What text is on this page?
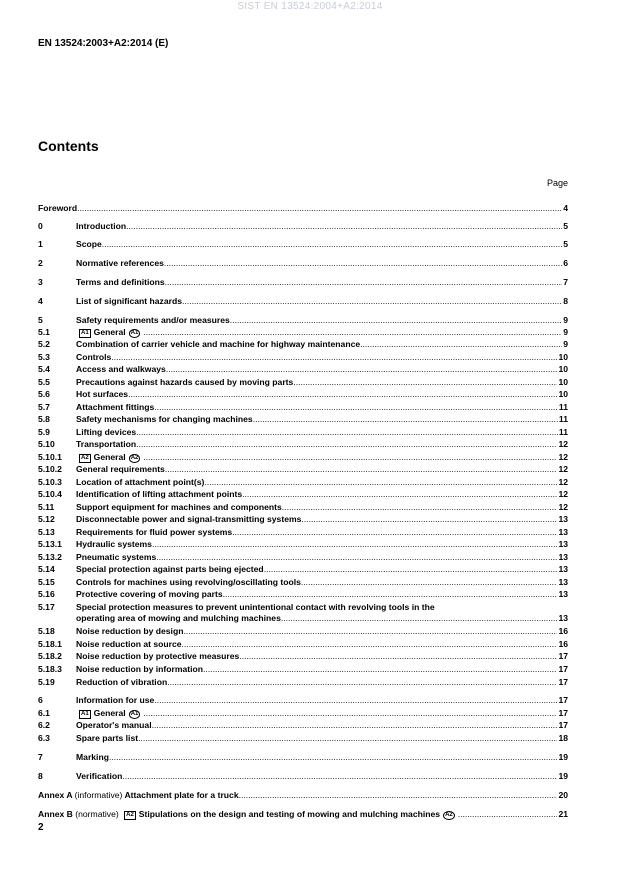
SIST EN 13524:2004+A2:2014
EN 13524:2003+A2:2014 (E)
Contents
Page
Foreword .....	4
0	Introduction .....	5
1	Scope .....	5
2	Normative references .....	6
3	Terms and definitions .....	7
4	List of significant hazards .....	8
5	Safety requirements and/or measures .....	9
5.1	A1 General A1 .....	9
5.2	Combination of carrier vehicle and machine for highway maintenance .....	9
5.3	Controls .....	10
5.4	Access and walkways .....	10
5.5	Precautions against hazards caused by moving parts .....	10
5.6	Hot surfaces .....	10
5.7	Attachment fittings .....	11
5.8	Safety mechanisms for changing machines .....	11
5.9	Lifting devices .....	11
5.10 Transportation .....	12
5.10.1	A2 General A2 .....	12
5.10.2 General requirements .....	12
5.10.3 Location of attachment point(s) .....	12
5.10.4 Identification of lifting attachment points .....	12
5.11	Support equipment for machines and components .....	12
5.12 Disconnectable power and signal-transmitting systems .....	13
5.13 Requirements for fluid power systems .....	13
5.13.1 Hydraulic systems .....	13
5.13.2 Pneumatic systems .....	13
5.14 Special protection against parts being ejected .....	13
5.15 Controls for machines using revolving/oscillating tools .....	13
5.16 Protective covering of moving parts .....	13
5.17 Special protection measures to prevent unintentional contact with revolving tools in the
operating area of mowing and mulching machines .....	13
5.18 Noise reduction by design .....	16
5.18.1 Noise reduction at source .....	16
5.18.2 Noise reduction by protective measures .....	17
5.18.3 Noise reduction by information .....	17
5.19 Reduction of vibration .....	17
6	Information for use .....	17
6.1	A1 General A1 .....	17
6.2	Operator's manual .....	17
6.3	Spare parts list .....	18
7	Marking .....	19
8	Verification .....	19
Annex A (informative) Attachment plate for a truck .....	20
Annex B (normative) A2 Stipulations on the design and testing of mowing and mulching machines A2 .....	21
2
